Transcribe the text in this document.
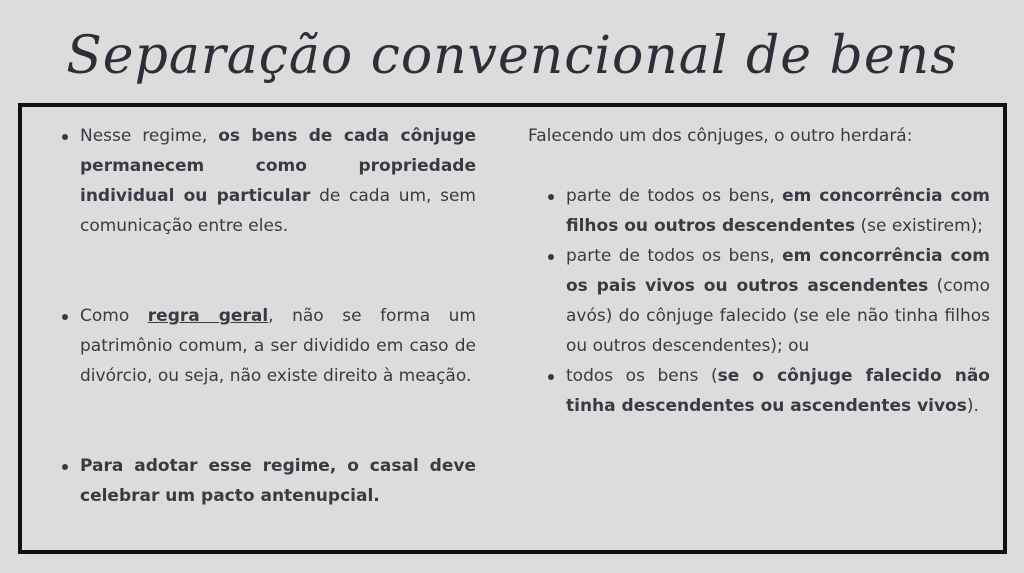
Separação convencional de bens
Nesse regime, os bens de cada cônjuge permanecem como propriedade individual ou particular de cada um, sem comunicação entre eles.
Como regra geral, não se forma um patrimônio comum, a ser dividido em caso de divórcio, ou seja, não existe direito à meação.
Para adotar esse regime, o casal deve celebrar um pacto antenupcial.
Falecendo um dos cônjuges, o outro herdará:
parte de todos os bens, em concorrência com filhos ou outros descendentes (se existirem);
parte de todos os bens, em concorrência com os pais vivos ou outros ascendentes (como avós) do cônjuge falecido (se ele não tinha filhos ou outros descendentes); ou
todos os bens (se o cônjuge falecido não tinha descendentes ou ascendentes vivos).
